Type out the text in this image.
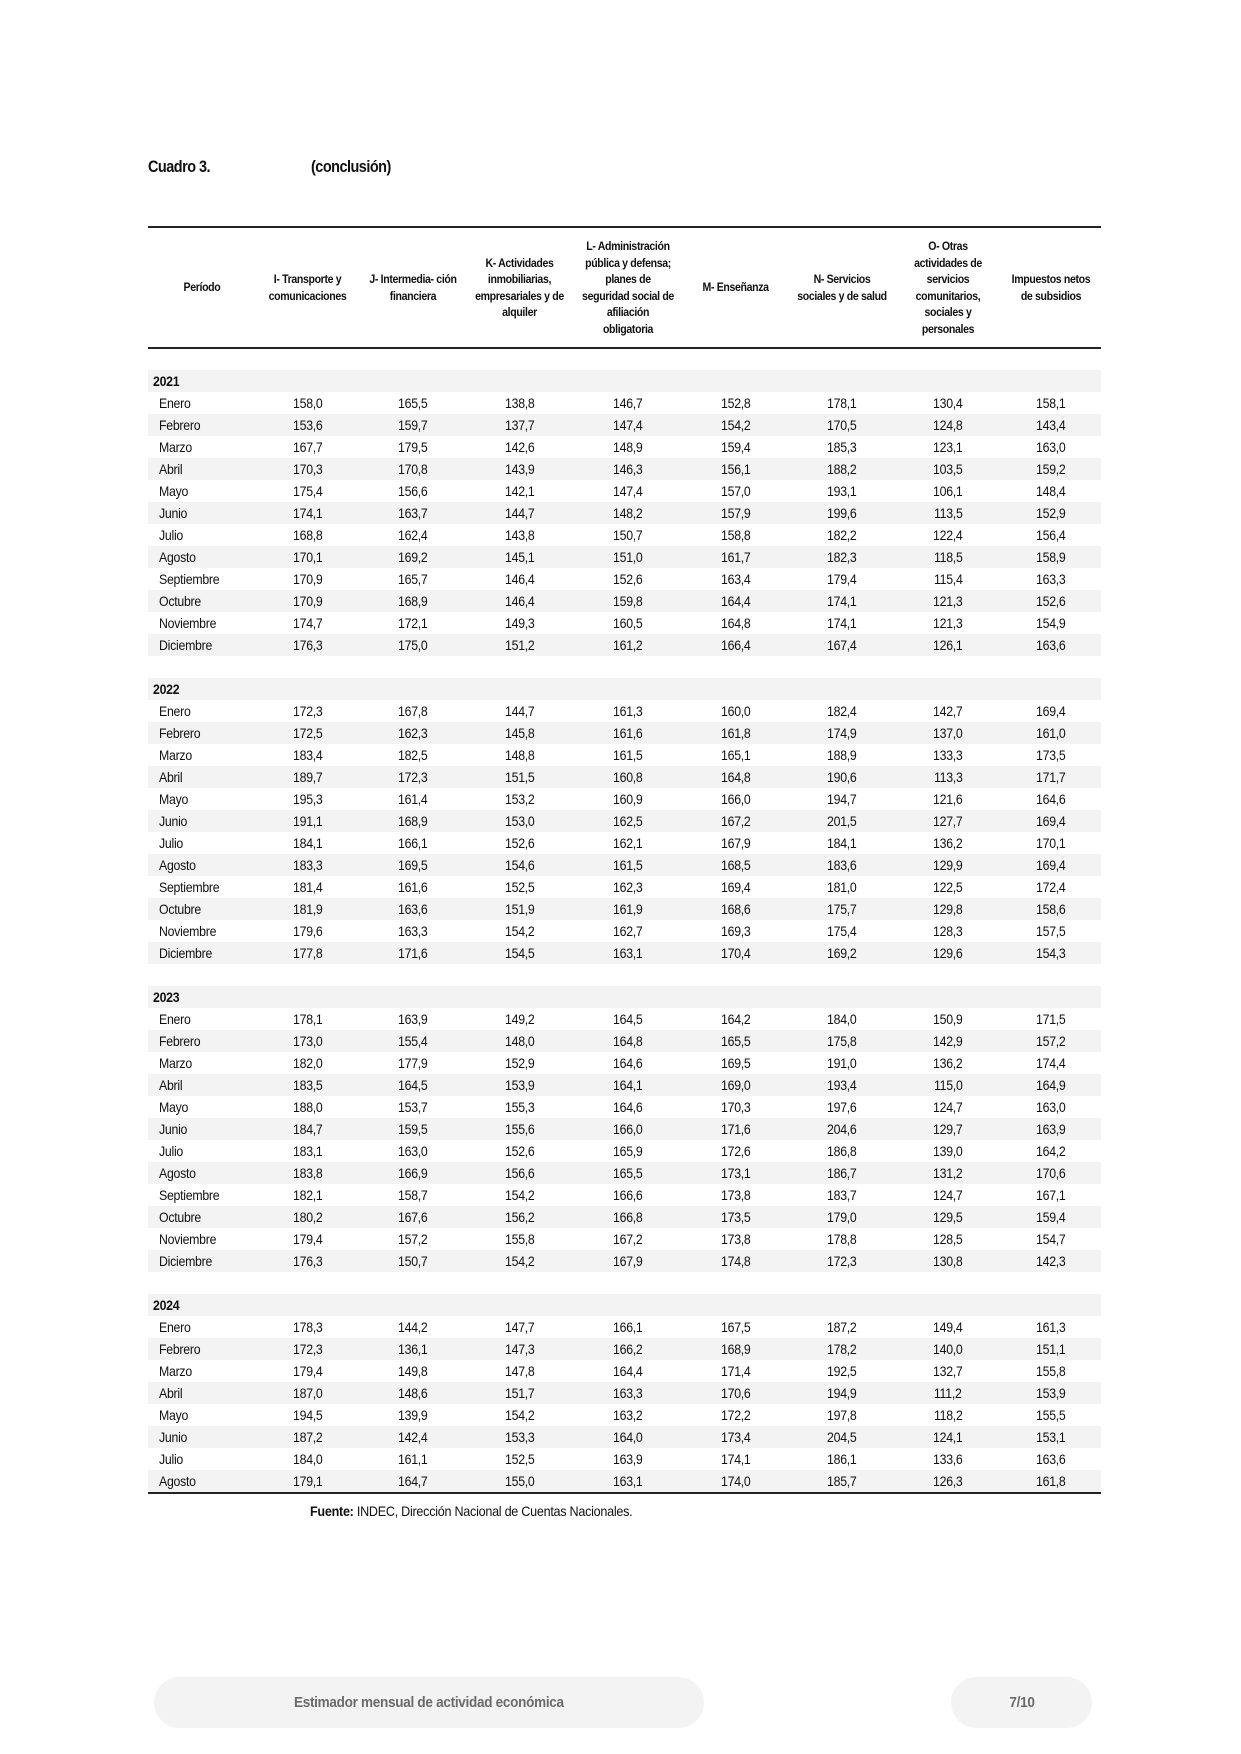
Cuadro 3.	(conclusión)
Período	I- Transporte y comunicaciones	J- Intermedia- ción financiera	K- Actividades inmobiliarias, empresariales y de alquiler	L- Administración pública y defensa; planes de seguridad social de afiliación obligatoria	M- Enseñanza	N- Servicios sociales y de salud	O- Otras actividades de servicios comunitarios, sociales y personales	Impuestos netos de subsidios

2021								
Enero	158,0	165,5	138,8	146,7	152,8	178,1	130,4	158,1
Febrero	153,6	159,7	137,7	147,4	154,2	170,5	124,8	143,4
Marzo	167,7	179,5	142,6	148,9	159,4	185,3	123,1	163,0
Abril	170,3	170,8	143,9	146,3	156,1	188,2	103,5	159,2
Mayo	175,4	156,6	142,1	147,4	157,0	193,1	106,1	148,4
Junio	174,1	163,7	144,7	148,2	157,9	199,6	113,5	152,9
Julio	168,8	162,4	143,8	150,7	158,8	182,2	122,4	156,4
Agosto	170,1	169,2	145,1	151,0	161,7	182,3	118,5	158,9
Septiembre	170,9	165,7	146,4	152,6	163,4	179,4	115,4	163,3
Octubre	170,9	168,9	146,4	159,8	164,4	174,1	121,3	152,6
Noviembre	174,7	172,1	149,3	160,5	164,8	174,1	121,3	154,9
Diciembre	176,3	175,0	151,2	161,2	166,4	167,4	126,1	163,6

2022								
Enero	172,3	167,8	144,7	161,3	160,0	182,4	142,7	169,4
Febrero	172,5	162,3	145,8	161,6	161,8	174,9	137,0	161,0
Marzo	183,4	182,5	148,8	161,5	165,1	188,9	133,3	173,5
Abril	189,7	172,3	151,5	160,8	164,8	190,6	113,3	171,7
Mayo	195,3	161,4	153,2	160,9	166,0	194,7	121,6	164,6
Junio	191,1	168,9	153,0	162,5	167,2	201,5	127,7	169,4
Julio	184,1	166,1	152,6	162,1	167,9	184,1	136,2	170,1
Agosto	183,3	169,5	154,6	161,5	168,5	183,6	129,9	169,4
Septiembre	181,4	161,6	152,5	162,3	169,4	181,0	122,5	172,4
Octubre	181,9	163,6	151,9	161,9	168,6	175,7	129,8	158,6
Noviembre	179,6	163,3	154,2	162,7	169,3	175,4	128,3	157,5
Diciembre	177,8	171,6	154,5	163,1	170,4	169,2	129,6	154,3

2023								
Enero	178,1	163,9	149,2	164,5	164,2	184,0	150,9	171,5
Febrero	173,0	155,4	148,0	164,8	165,5	175,8	142,9	157,2
Marzo	182,0	177,9	152,9	164,6	169,5	191,0	136,2	174,4
Abril	183,5	164,5	153,9	164,1	169,0	193,4	115,0	164,9
Mayo	188,0	153,7	155,3	164,6	170,3	197,6	124,7	163,0
Junio	184,7	159,5	155,6	166,0	171,6	204,6	129,7	163,9
Julio	183,1	163,0	152,6	165,9	172,6	186,8	139,0	164,2
Agosto	183,8	166,9	156,6	165,5	173,1	186,7	131,2	170,6
Septiembre	182,1	158,7	154,2	166,6	173,8	183,7	124,7	167,1
Octubre	180,2	167,6	156,2	166,8	173,5	179,0	129,5	159,4
Noviembre	179,4	157,2	155,8	167,2	173,8	178,8	128,5	154,7
Diciembre	176,3	150,7	154,2	167,9	174,8	172,3	130,8	142,3

2024								
Enero	178,3	144,2	147,7	166,1	167,5	187,2	149,4	161,3
Febrero	172,3	136,1	147,3	166,2	168,9	178,2	140,0	151,1
Marzo	179,4	149,8	147,8	164,4	171,4	192,5	132,7	155,8
Abril	187,0	148,6	151,7	163,3	170,6	194,9	111,2	153,9
Mayo	194,5	139,9	154,2	163,2	172,2	197,8	118,2	155,5
Junio	187,2	142,4	153,3	164,0	173,4	204,5	124,1	153,1
Julio	184,0	161,1	152,5	163,9	174,1	186,1	133,6	163,6
Agosto	179,1	164,7	155,0	163,1	174,0	185,7	126,3	161,8
Fuente: INDEC, Dirección Nacional de Cuentas Nacionales.
Estimador mensual de actividad económica	7/10
